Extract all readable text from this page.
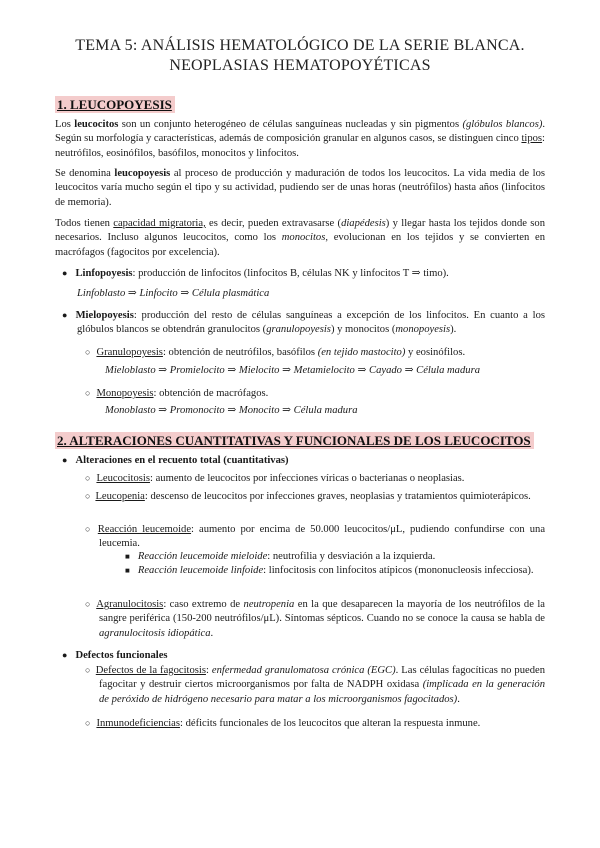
TEMA 5: ANÁLISIS HEMATOLÓGICO DE LA SERIE BLANCA.
NEOPLASIAS HEMATOPOYÉTICAS
1. LEUCOPOYESIS
Los leucocitos son un conjunto heterogéneo de células sanguíneas nucleadas y sin pigmentos (glóbulos blancos). Según su morfología y características, además de composición granular en algunos casos, se distinguen cinco tipos: neutrófilos, eosinófilos, basófilos, monocitos y linfocitos.
Se denomina leucopoyesis al proceso de producción y maduración de todos los leucocitos. La vida media de los leucocitos varía mucho según el tipo y su actividad, pudiendo ser de unas horas (neutrófilos) hasta años (linfocitos de memoria).
Todos tienen capacidad migratoria, es decir, pueden extravasarse (diapédesis) y llegar hasta los tejidos donde son necesarios. Incluso algunos leucocitos, como los monocitos, evolucionan en los tejidos y se convierten en macrófagos (fagocitos por excelencia).
● Linfopoyesis: producción de linfocitos (linfocitos B, células NK y linfocitos T ⇒ timo).
Linfoblasto ⇒ Linfocito ⇒ Célula plasmática
● Mielopoyesis: producción del resto de células sanguíneas a excepción de los linfocitos. En cuanto a los glóbulos blancos se obtendrán granulocitos (granulopoyesis) y monocitos (monopoyesis).
○ Granulopoyesis: obtención de neutrófilos, basófilos (en tejido mastocito) y eosinófilos.
Mieloblasto ⇒ Promielocito ⇒ Mielocito ⇒ Metamielocito ⇒ Cayado ⇒ Célula madura
○ Monopoyesis: obtención de macrófagos.
Monoblasto ⇒ Promonocito ⇒ Monocito ⇒ Célula madura
2. ALTERACIONES CUANTITATIVAS Y FUNCIONALES DE LOS LEUCOCITOS
● Alteraciones en el recuento total (cuantitativas)
○ Leucocitosis: aumento de leucocitos por infecciones víricas o bacterianas o neoplasias.
○ Leucopenia: descenso de leucocitos por infecciones graves, neoplasias y tratamientos quimioterápicos.
○ Reacción leucemoide: aumento por encima de 50.000 leucocitos/μL, pudiendo confundirse con una leucemia.
■ Reacción leucemoide mieloide: neutrofilia y desviación a la izquierda.
■ Reacción leucemoide linfoide: linfocitosis con linfocitos atípicos (mononucleosis infecciosa).
○ Agranulocitosis: caso extremo de neutropenia en la que desaparecen la mayoría de los neutrófilos de la sangre periférica (150-200 neutrófilos/μL). Síntomas sépticos. Cuando no se conoce la causa se habla de agranulocitosis idiopática.
● Defectos funcionales
○ Defectos de la fagocitosis: enfermedad granulomatosa crónica (EGC). Las células fagocíticas no pueden fagocitar y destruir ciertos microorganismos por falta de NADPH oxidasa (implicada en la generación de peróxido de hidrógeno necesario para matar a los microorganismos fagocitados).
○ Inmunodeficiencias: déficits funcionales de los leucocitos que alteran la respuesta inmune.
